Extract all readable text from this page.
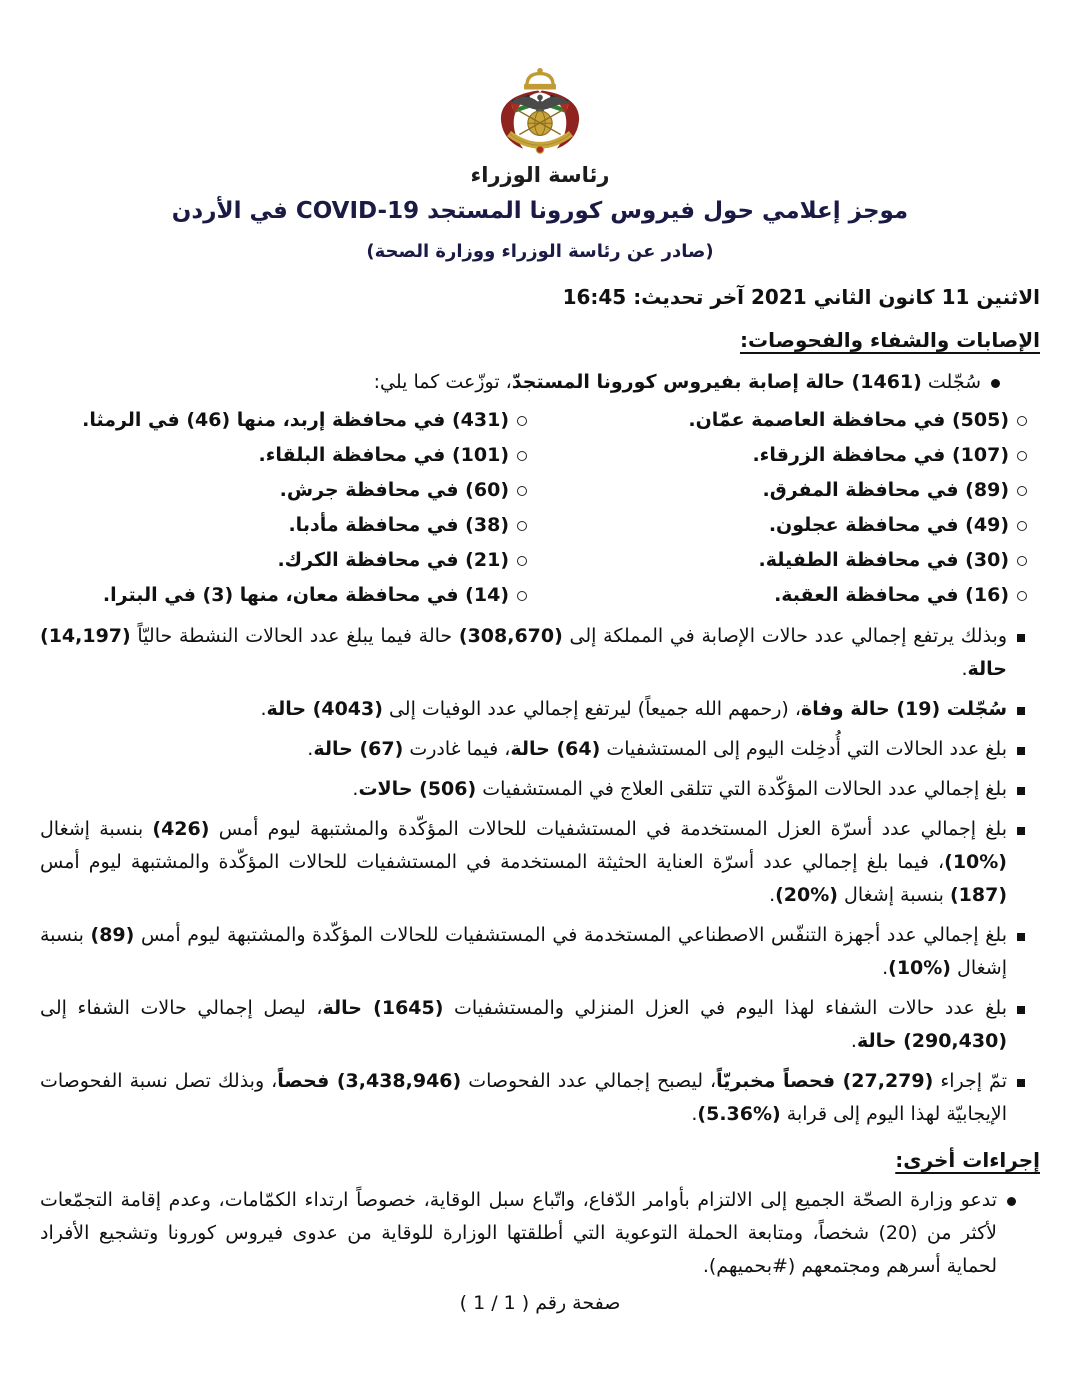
رئاسة الوزراء
موجز إعلامي حول فيروس كورونا المستجد COVID-19 في الأردن
(صادر عن رئاسة الوزراء ووزارة الصحة)
الاثنين 11 كانون الثاني 2021 آخر تحديث: 16:45
الإصابات والشفاء والفحوصات:

سُجّلت (1461) حالة إصابة بفيروس كورونا المستجدّ، توزّعت كما يلي:

(505) في محافظة العاصمة عمّان.

(107) في محافظة الزرقاء.

(89) في محافظة المفرق.

(49) في محافظة عجلون.

(30) في محافظة الطفيلة.

(16) في محافظة العقبة.

(431) في محافظة إربد، منها (46) في الرمثا.

(101) في محافظة البلقاء.

(60) في محافظة جرش.

(38) في محافظة مأدبا.

(21) في محافظة الكرك.

(14) في محافظة معان، منها (3) في البترا.

وبذلك يرتفع إجمالي عدد حالات الإصابة في المملكة إلى (308,670) حالة فيما يبلغ عدد الحالات النشطة حاليّاً (14,197) حالة.

سُجّلت (19) حالة وفاة، (رحمهم الله جميعاً) ليرتفع إجمالي عدد الوفيات إلى (4043) حالة.

بلغ عدد الحالات التي أُدخِلت اليوم إلى المستشفيات (64) حالة، فيما غادرت (67) حالة.

بلغ إجمالي عدد الحالات المؤكّدة التي تتلقى العلاج في المستشفيات (506) حالات.

بلغ إجمالي عدد أسرّة العزل المستخدمة في المستشفيات للحالات المؤكّدة والمشتبهة ليوم أمس (426) بنسبة إشغال (%10)، فيما بلغ إجمالي عدد أسرّة العناية الحثيثة المستخدمة في المستشفيات للحالات المؤكّدة والمشتبهة ليوم أمس (187) بنسبة إشغال (%20).

بلغ إجمالي عدد أجهزة التنفّس الاصطناعي المستخدمة في المستشفيات للحالات المؤكّدة والمشتبهة ليوم أمس (89) بنسبة إشغال (%10).

بلغ عدد حالات الشفاء لهذا اليوم في العزل المنزلي والمستشفيات (1645) حالة، ليصل إجمالي حالات الشفاء إلى (290,430) حالة.

تمّ إجراء (27,279) فحصاً مخبريّاً، ليصبح إجمالي عدد الفحوصات (3,438,946) فحصاً، وبذلك تصل نسبة الفحوصات الإيجابيّة لهذا اليوم إلى قرابة (%5.36).

إجراءات أخرى:

تدعو وزارة الصحّة الجميع إلى الالتزام بأوامر الدّفاع، واتّباع سبل الوقاية، خصوصاً ارتداء الكمّامات، وعدم إقامة التجمّعات لأكثر من (20) شخصاً، ومتابعة الحملة التوعوية التي أطلقتها الوزارة للوقاية من عدوى فيروس كورونا وتشجيع الأفراد لحماية أسرهم ومجتمعهم (#بحميهم).

صفحة رقم ( 1 / 1 )
